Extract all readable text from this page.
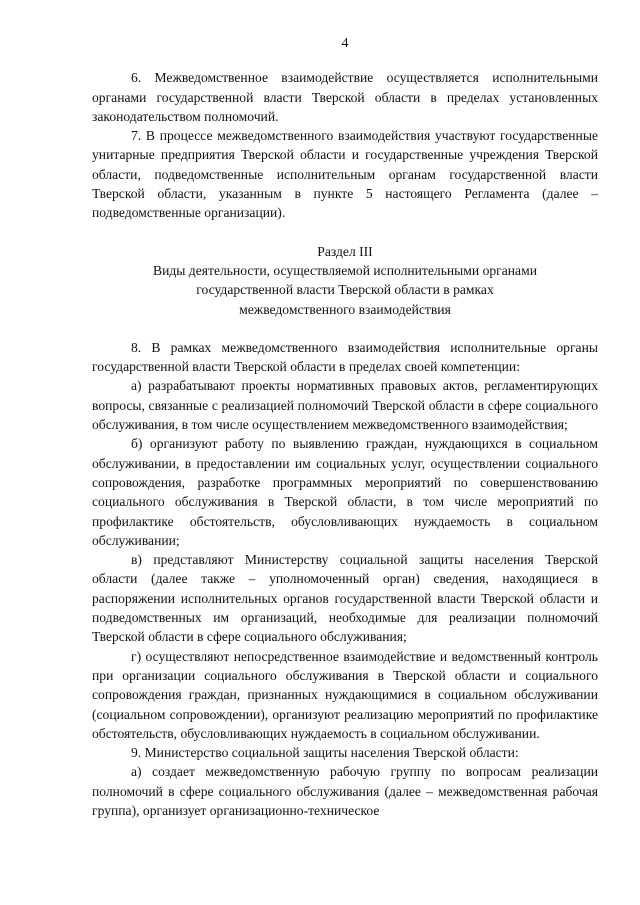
4

6. Межведомственное взаимодействие осуществляется исполнительными органами государственной власти Тверской области в пределах установленных законодательством полномочий.

7. В процессе межведомственного взаимодействия участвуют государственные унитарные предприятия Тверской области и государственные учреждения Тверской области, подведомственные исполнительным органам государственной власти Тверской области, указанным в пункте 5 настоящего Регламента (далее – подведомственные организации).

Раздел III
Виды деятельности, осуществляемой исполнительными органами
государственной власти Тверской области в рамках
межведомственного взаимодействия

8. В рамках межведомственного взаимодействия исполнительные органы государственной власти Тверской области в пределах своей компетенции:

а) разрабатывают проекты нормативных правовых актов, регламентирующих вопросы, связанные с реализацией полномочий Тверской области в сфере социального обслуживания, в том числе осуществлением межведомственного взаимодействия;

б) организуют работу по выявлению граждан, нуждающихся в социальном обслуживании, в предоставлении им социальных услуг, осуществлении социального сопровождения, разработке программных мероприятий по совершенствованию социального обслуживания в Тверской области, в том числе мероприятий по профилактике обстоятельств, обусловливающих нуждаемость в социальном обслуживании;

в) представляют Министерству социальной защиты населения Тверской области (далее также – уполномоченный орган) сведения, находящиеся в распоряжении исполнительных органов государственной власти Тверской области и подведомственных им организаций, необходимые для реализации полномочий Тверской области в сфере социального обслуживания;

г) осуществляют непосредственное взаимодействие и ведомственный контроль при организации социального обслуживания в Тверской области и социального сопровождения граждан, признанных нуждающимися в социальном обслуживании (социальном сопровождении), организуют реализацию мероприятий по профилактике обстоятельств, обусловливающих нуждаемость в социальном обслуживании.

9. Министерство социальной защиты населения Тверской области:

а) создает межведомственную рабочую группу по вопросам реализации полномочий в сфере социального обслуживания (далее – межведомственная рабочая группа), организует организационно-техническое
